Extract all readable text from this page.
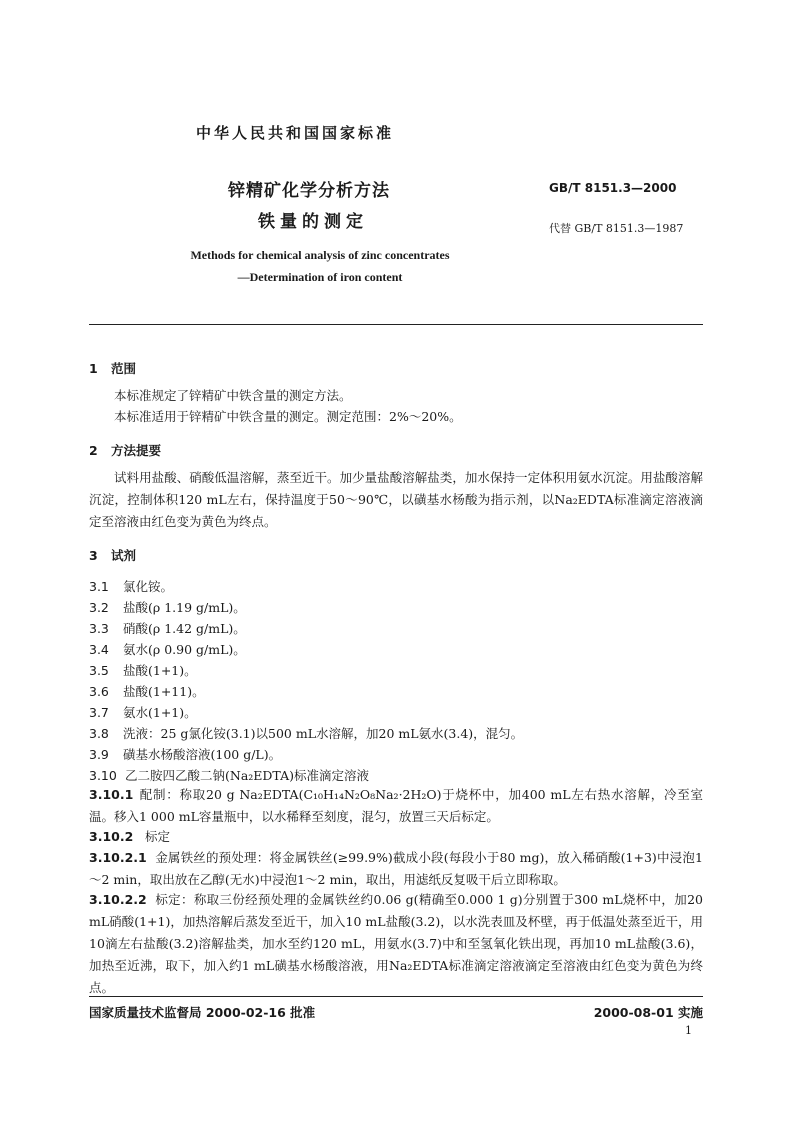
中华人民共和国国家标准
锌精矿化学分析方法
铁量的测定
GB/T 8151.3—2000
代替 GB/T 8151.3—1987
Methods for chemical analysis of zinc concentrates
—Determination of iron content
1 范围
本标准规定了锌精矿中铁含量的测定方法。
本标准适用于锌精矿中铁含量的测定。测定范围：2%～20%。
2 方法提要
试料用盐酸、硝酸低温溶解，蒸至近干。加少量盐酸溶解盐类，加水保持一定体积用氨水沉淀。用盐酸溶解沉淀，控制体积120 mL左右，保持温度于50～90℃，以磺基水杨酸为指示剂，以Na₂EDTA标准滴定溶液滴定至溶液由红色变为黄色为终点。
3 试剂
3.1 氯化铵。
3.2 盐酸(ρ 1.19 g/mL)。
3.3 硝酸(ρ 1.42 g/mL)。
3.4 氨水(ρ 0.90 g/mL)。
3.5 盐酸(1+1)。
3.6 盐酸(1+11)。
3.7 氨水(1+1)。
3.8 洗液：25 g氯化铵(3.1)以500 mL水溶解，加20 mL氨水(3.4)，混匀。
3.9 磺基水杨酸溶液(100 g/L)。
3.10 乙二胺四乙酸二钠(Na₂EDTA)标准滴定溶液
3.10.1 配制：称取20 g Na₂EDTA(C₁₀H₁₄N₂O₈Na₂·2H₂O)于烧杯中，加400 mL左右热水溶解，冷至室温。移入1 000 mL容量瓶中，以水稀释至刻度，混匀，放置三天后标定。
3.10.2 标定
3.10.2.1 金属铁丝的预处理：将金属铁丝(≥99.9%)截成小段(每段小于80 mg)，放入稀硝酸(1+3)中浸泡1～2 min，取出放在乙醇(无水)中浸泡1～2 min，取出，用滤纸反复吸干后立即称取。
3.10.2.2 标定：称取三份经预处理的金属铁丝约0.06 g(精确至0.000 1 g)分别置于300 mL烧杯中，加20 mL硝酸(1+1)，加热溶解后蒸发至近干，加入10 mL盐酸(3.2)，以水洗表皿及杯壁，再于低温处蒸至近干，用10滴左右盐酸(3.2)溶解盐类，加水至约120 mL，用氨水(3.7)中和至氢氧化铁出现，再加10 mL盐酸(3.6)，加热至近沸，取下，加入约1 mL磺基水杨酸溶液，用Na₂EDTA标准滴定溶液滴定至溶液由红色变为黄色为终点。
国家质量技术监督局 2000-02-16 批准	2000-08-01 实施
1
